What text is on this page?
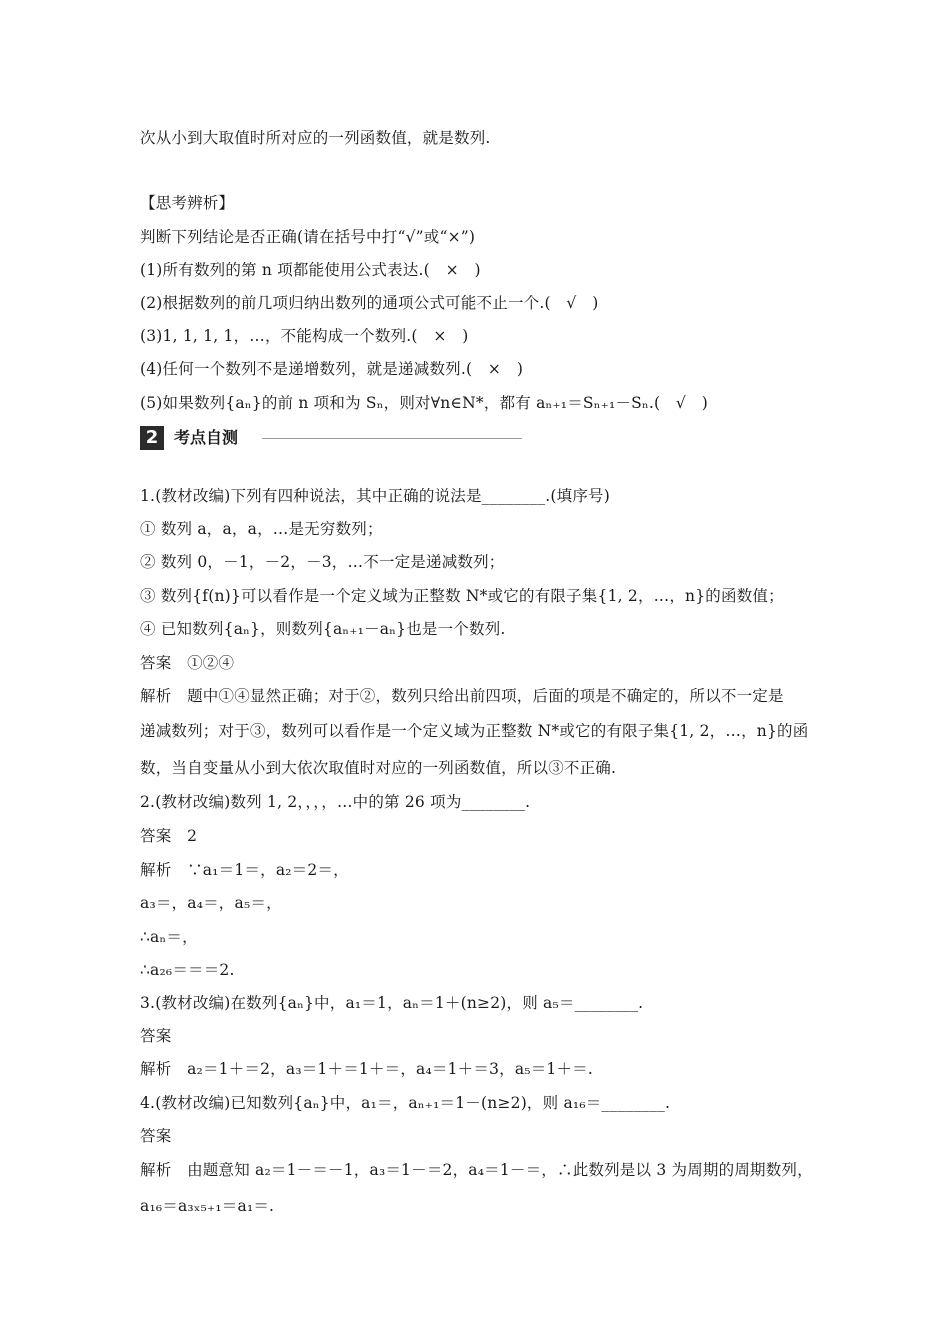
次从小到大取值时所对应的一列函数值，就是数列.
【思考辨析】
判断下列结论是否正确(请在括号中打“√”或“×”)
(1)所有数列的第 n 项都能使用公式表达.(　×　)
(2)根据数列的前几项归纳出数列的通项公式可能不止一个.(　√　)
(3)1, 1, 1, 1，…，不能构成一个数列.(　×　)
(4)任何一个数列不是递增数列，就是递减数列.(　×　)
(5)如果数列{aₙ}的前 n 项和为 Sₙ，则对∀n∈N*，都有 aₙ₊₁＝Sₙ₊₁－Sₙ.(　√　)
2 考点自测
1.(教材改编)下列有四种说法，其中正确的说法是________.(填序号)
① 数列 a，a，a，…是无穷数列；
② 数列 0，－1，－2，－3，…不一定是递减数列；
③ 数列{f(n)}可以看作是一个定义域为正整数 N*或它的有限子集{1, 2，…，n}的函数值；
④ 已知数列{aₙ}，则数列{aₙ₊₁－aₙ}也是一个数列.
答案　①②④
解析　题中①④显然正确；对于②，数列只给出前四项，后面的项是不确定的，所以不一定是
递减数列；对于③，数列可以看作是一个定义域为正整数 N*或它的有限子集{1, 2，…，n}的函
数，当自变量从小到大依次取值时对应的一列函数值，所以③不正确.
2.(教材改编)数列 1, 2，，，，…中的第 26 项为________.
答案　2
解析　∵a₁＝1＝，a₂＝2＝，
a₃＝，a₄＝，a₅＝，
∴aₙ＝，
∴a₂₆＝＝＝2.
3.(教材改编)在数列{aₙ}中，a₁＝1，aₙ＝1＋(n≥2)，则 a₅＝________.
答案
解析　a₂＝1＋＝2，a₃＝1＋＝1＋＝，a₄＝1＋＝3，a₅＝1＋＝.
4.(教材改编)已知数列{aₙ}中，a₁＝，aₙ₊₁＝1－(n≥2)，则 a₁₆＝________.
答案
解析　由题意知 a₂＝1－＝－1，a₃＝1－＝2，a₄＝1－＝，∴此数列是以 3 为周期的周期数列，
a₁₆＝a₃ₓ₅₊₁＝a₁＝.
